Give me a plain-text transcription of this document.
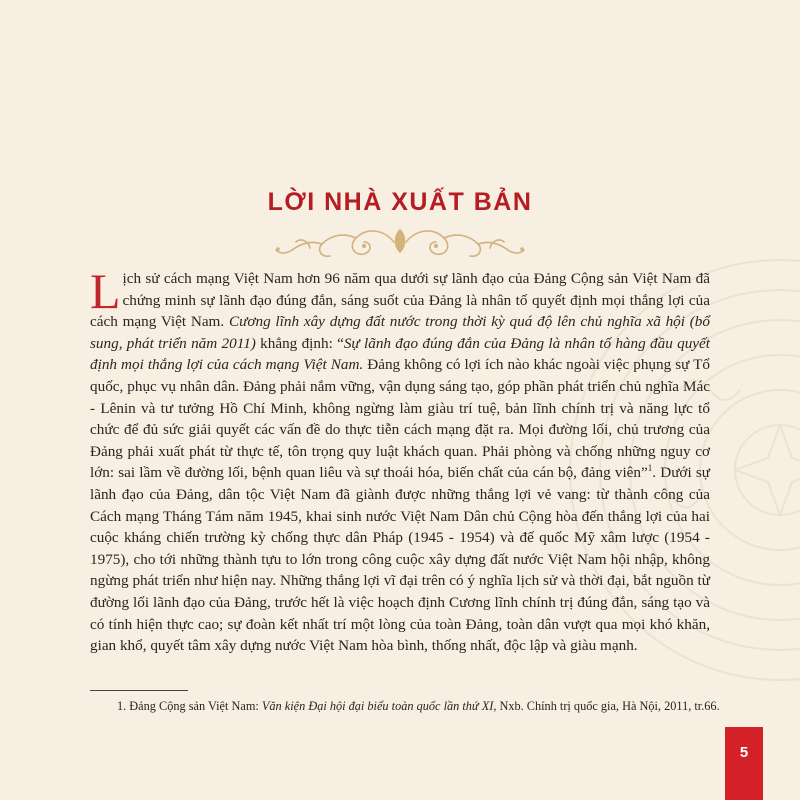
LỜI NHÀ XUẤT BẢN
Lịch sử cách mạng Việt Nam hơn 96 năm qua dưới sự lãnh đạo của Đảng Cộng sản Việt Nam đã chứng minh sự lãnh đạo đúng đắn, sáng suốt của Đảng là nhân tố quyết định mọi thắng lợi của cách mạng Việt Nam. Cương lĩnh xây dựng đất nước trong thời kỳ quá độ lên chủ nghĩa xã hội (bổ sung, phát triển năm 2011) khẳng định: “Sự lãnh đạo đúng đắn của Đảng là nhân tố hàng đầu quyết định mọi thắng lợi của cách mạng Việt Nam. Đảng không có lợi ích nào khác ngoài việc phụng sự Tổ quốc, phục vụ nhân dân. Đảng phải nắm vững, vận dụng sáng tạo, góp phần phát triển chủ nghĩa Mác - Lênin và tư tưởng Hồ Chí Minh, không ngừng làm giàu trí tuệ, bản lĩnh chính trị và năng lực tổ chức để đủ sức giải quyết các vấn đề do thực tiễn cách mạng đặt ra. Mọi đường lối, chủ trương của Đảng phải xuất phát từ thực tế, tôn trọng quy luật khách quan. Phải phòng và chống những nguy cơ lớn: sai lầm về đường lối, bệnh quan liêu và sự thoái hóa, biến chất của cán bộ, đảng viên”$^1$. Dưới sự lãnh đạo của Đảng, dân tộc Việt Nam đã giành được những thắng lợi vẻ vang: từ thành công của Cách mạng Tháng Tám năm 1945, khai sinh nước Việt Nam Dân chủ Cộng hòa đến thắng lợi của hai cuộc kháng chiến trường kỳ chống thực dân Pháp (1945 - 1954) và đế quốc Mỹ xâm lược (1954 - 1975), cho tới những thành tựu to lớn trong công cuộc xây dựng đất nước Việt Nam hội nhập, không ngừng phát triển như hiện nay. Những thắng lợi vĩ đại trên có ý nghĩa lịch sử và thời đại, bắt nguồn từ đường lối lãnh đạo của Đảng, trước hết là việc hoạch định Cương lĩnh chính trị đúng đắn, sáng tạo và có tính hiện thực cao; sự đoàn kết nhất trí một lòng của toàn Đảng, toàn dân vượt qua mọi khó khăn, gian khổ, quyết tâm xây dựng nước Việt Nam hòa bình, thống nhất, độc lập và giàu mạnh.
1. Đảng Cộng sản Việt Nam: Văn kiện Đại hội đại biểu toàn quốc lần thứ XI, Nxb. Chính trị quốc gia, Hà Nội, 2011, tr.66.
5
